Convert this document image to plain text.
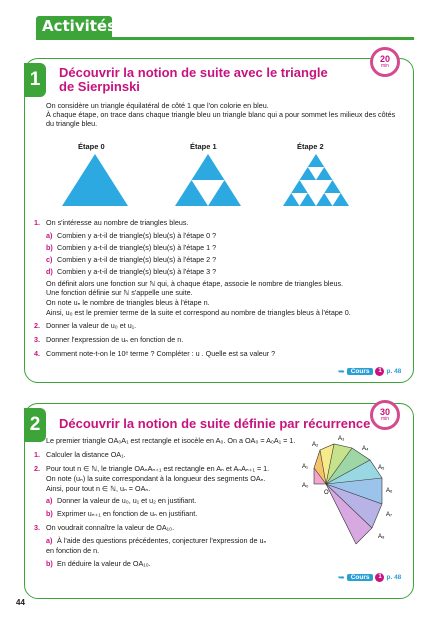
Activités
1	Découvrir la notion de suite avec le triangle
de Sierpinski
20
min
On considère un triangle équilatéral de côté 1 que l'on colorie en bleu.
À chaque étape, on trace dans chaque triangle bleu un triangle blanc qui a pour sommet les milieux des côtés
du triangle bleu.
Étape 0	Étape 1	Étape 2
1. On s'intéresse au nombre de triangles bleus.
a) Combien y a-t-il de triangle(s) bleu(s) à l'étape 0 ?
b) Combien y a-t-il de triangle(s) bleu(s) à l'étape 1 ?
c) Combien y a-t-il de triangle(s) bleu(s) à l'étape 2 ?
d) Combien y a-t-il de triangle(s) bleu(s) à l'étape 3 ?
On définit alors une fonction sur ℕ qui, à chaque étape, associe le nombre de triangles bleus.
Une fonction définie sur ℕ s'appelle une suite.
On note uₙ le nombre de triangles bleus à l'étape n.
Ainsi, u₀ est le premier terme de la suite et correspond au nombre de triangles bleus à l'étape 0.
2. Donner la valeur de u₀ et u₁.
3. Donner l'expression de uₙ en fonction de n.
4. Comment note-t-on le 10ᵉ terme ? Compléter : u . Quelle est sa valeur ?
➥ Cours	1 p. 48
2	Découvrir la notion de suite définie par récurrence
30
min
Le premier triangle OA₀A₁ est rectangle et isocèle en A₀. On a OA₀ = A₀A₁ = 1.
1. Calculer la distance OA₁.
2. Pour tout n ∈ ℕ, le triangle OAₙAₙ₊₁ est rectangle en Aₙ et AₙAₙ₊₁ = 1.
On note (uₙ) la suite correspondant à la longueur des segments OAₙ.
Ainsi, pour tout n ∈ ℕ, uₙ = OAₙ.
a) Donner la valeur de u₀, u₁ et u₂ en justifiant.
b) Exprimer uₙ₊₁ en fonction de uₙ en justifiant.
3. On voudrait connaître la valeur de OA₁₀.
a) À l'aide des questions précédentes, conjecturer l'expression de uₙ
en fonction de n.
b) En déduire la valeur de OA₁₀.
A₀
A₁
A₂
A₃
A₄
A₅
A₆
A₇
A₈
O
➥ Cours	1 p. 48
44
